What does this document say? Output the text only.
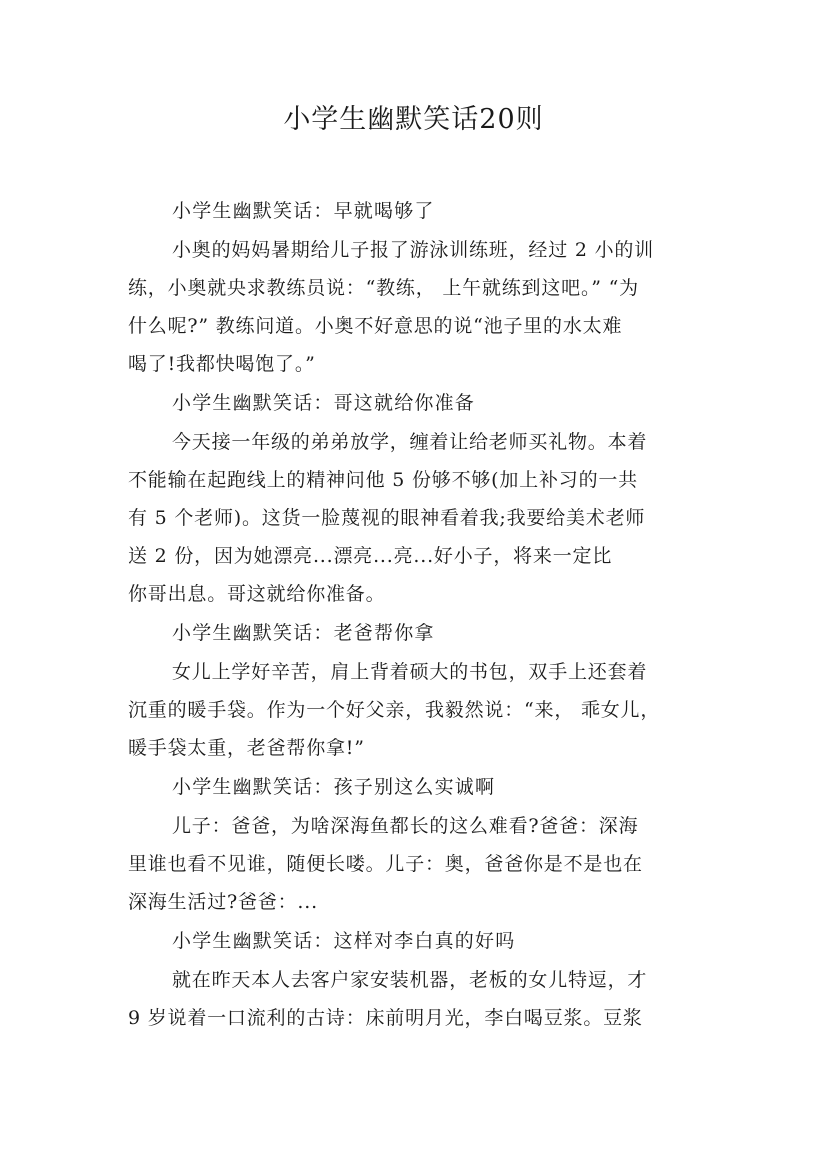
小学生幽默笑话20则
小学生幽默笑话：早就喝够了
小奥的妈妈暑期给儿子报了游泳训练班，经过 2 小的训
练，小奥就央求教练员说：“教练， 上午就练到这吧。” “为
什么呢?” 教练问道。小奥不好意思的说“池子里的水太难
喝了!我都快喝饱了。”
小学生幽默笑话：哥这就给你准备
今天接一年级的弟弟放学，缠着让给老师买礼物。本着
不能输在起跑线上的精神问他 5 份够不够(加上补习的一共
有 5 个老师)。这货一脸蔑视的眼神看着我;我要给美术老师
送 2 份，因为她漂亮...漂亮...亮...好小子，将来一定比
你哥出息。哥这就给你准备。
小学生幽默笑话：老爸帮你拿
女儿上学好辛苦，肩上背着硕大的书包，双手上还套着
沉重的暖手袋。作为一个好父亲，我毅然说：“来， 乖女儿，
暖手袋太重，老爸帮你拿!”
小学生幽默笑话：孩子别这么实诚啊
儿子：爸爸，为啥深海鱼都长的这么难看?爸爸：深海
里谁也看不见谁，随便长喽。儿子：奥，爸爸你是不是也在
深海生活过?爸爸：...
小学生幽默笑话：这样对李白真的好吗
就在昨天本人去客户家安装机器，老板的女儿特逗，才
9 岁说着一口流利的古诗：床前明月光，李白喝豆浆。豆浆
